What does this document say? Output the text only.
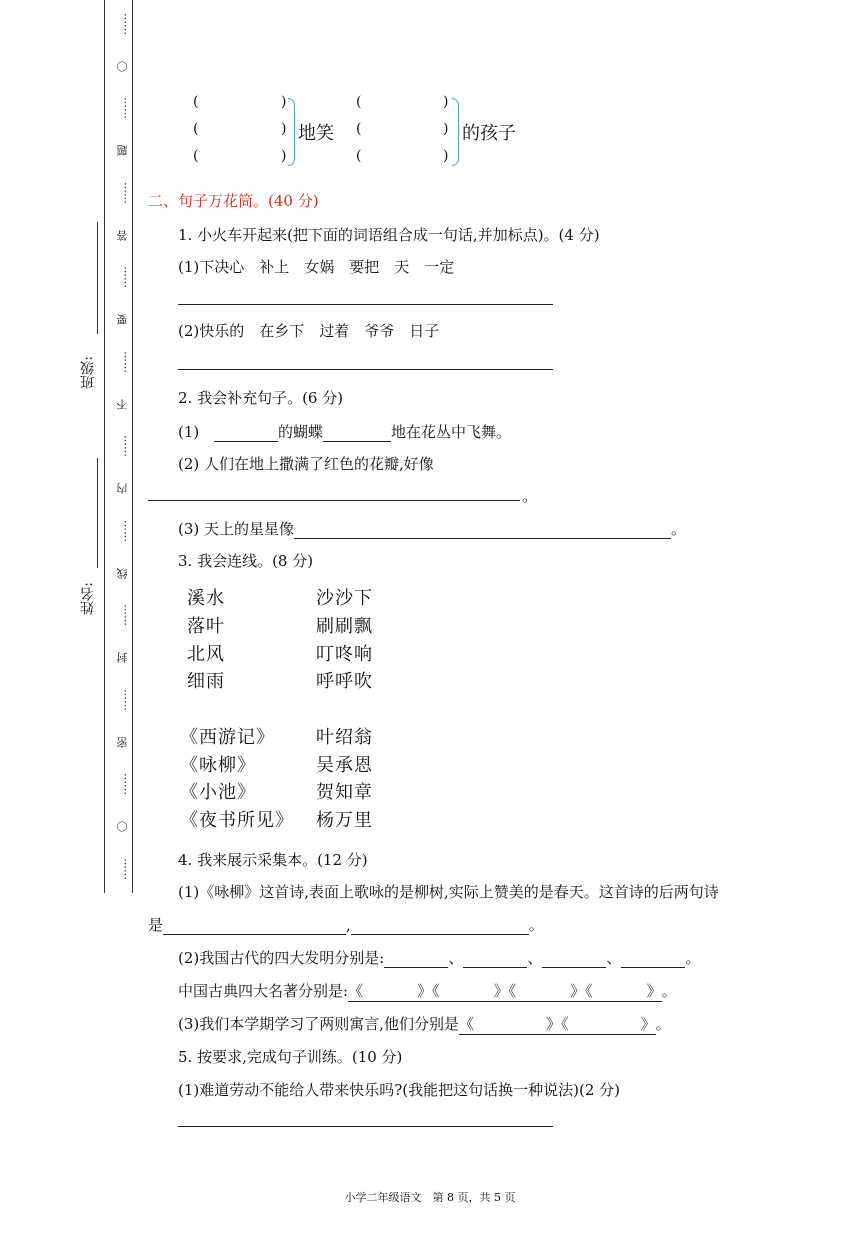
班级:
姓名:
……
〇
……
题
……
答
……
要
……
不
……
内
……
线
……
封
……
密
……
〇
……
(	)
(	)
(	)
地笑
(	)
(	)
(	)
的孩子
二、句子万花筒。(40 分)
1. 小火车开起来(把下面的词语组合成一句话,并加标点)。(4 分)
(1)下决心　补上　女娲　要把　天　一定
(2)快乐的　在乡下　过着　爷爷　日子
2. 我会补充句子。(6 分)
(1)	的蝴蝶	地在花丛中飞舞。
(2) 人们在地上撒满了红色的花瓣,好像
。
(3) 天上的星星像	。
3. 我会连线。(8 分)
溪水	沙沙下
落叶	刷刷飘
北风	叮咚响
细雨	呼呼吹
《西游记》 叶绍翁
《咏柳》	吴承恩
《小池》	贺知章
《夜书所见》 杨万里
4. 我来展示采集本。(12 分)
(1)《咏柳》这首诗,表面上歌咏的是柳树,实际上赞美的是春天。这首诗的后两句诗
是	,	。
(2)我国古代的四大发明分别是:	、	、	、	。
中国古典四大名著分别是:《	》《	》《	》《	》。
(3)我们本学期学习了两则寓言,他们分别是《	》《	》。
5. 按要求,完成句子训练。(10 分)
(1)难道劳动不能给人带来快乐吗?(我能把这句话换一种说法)(2 分)
小学二年级语文　第 8 页，共 5 页
